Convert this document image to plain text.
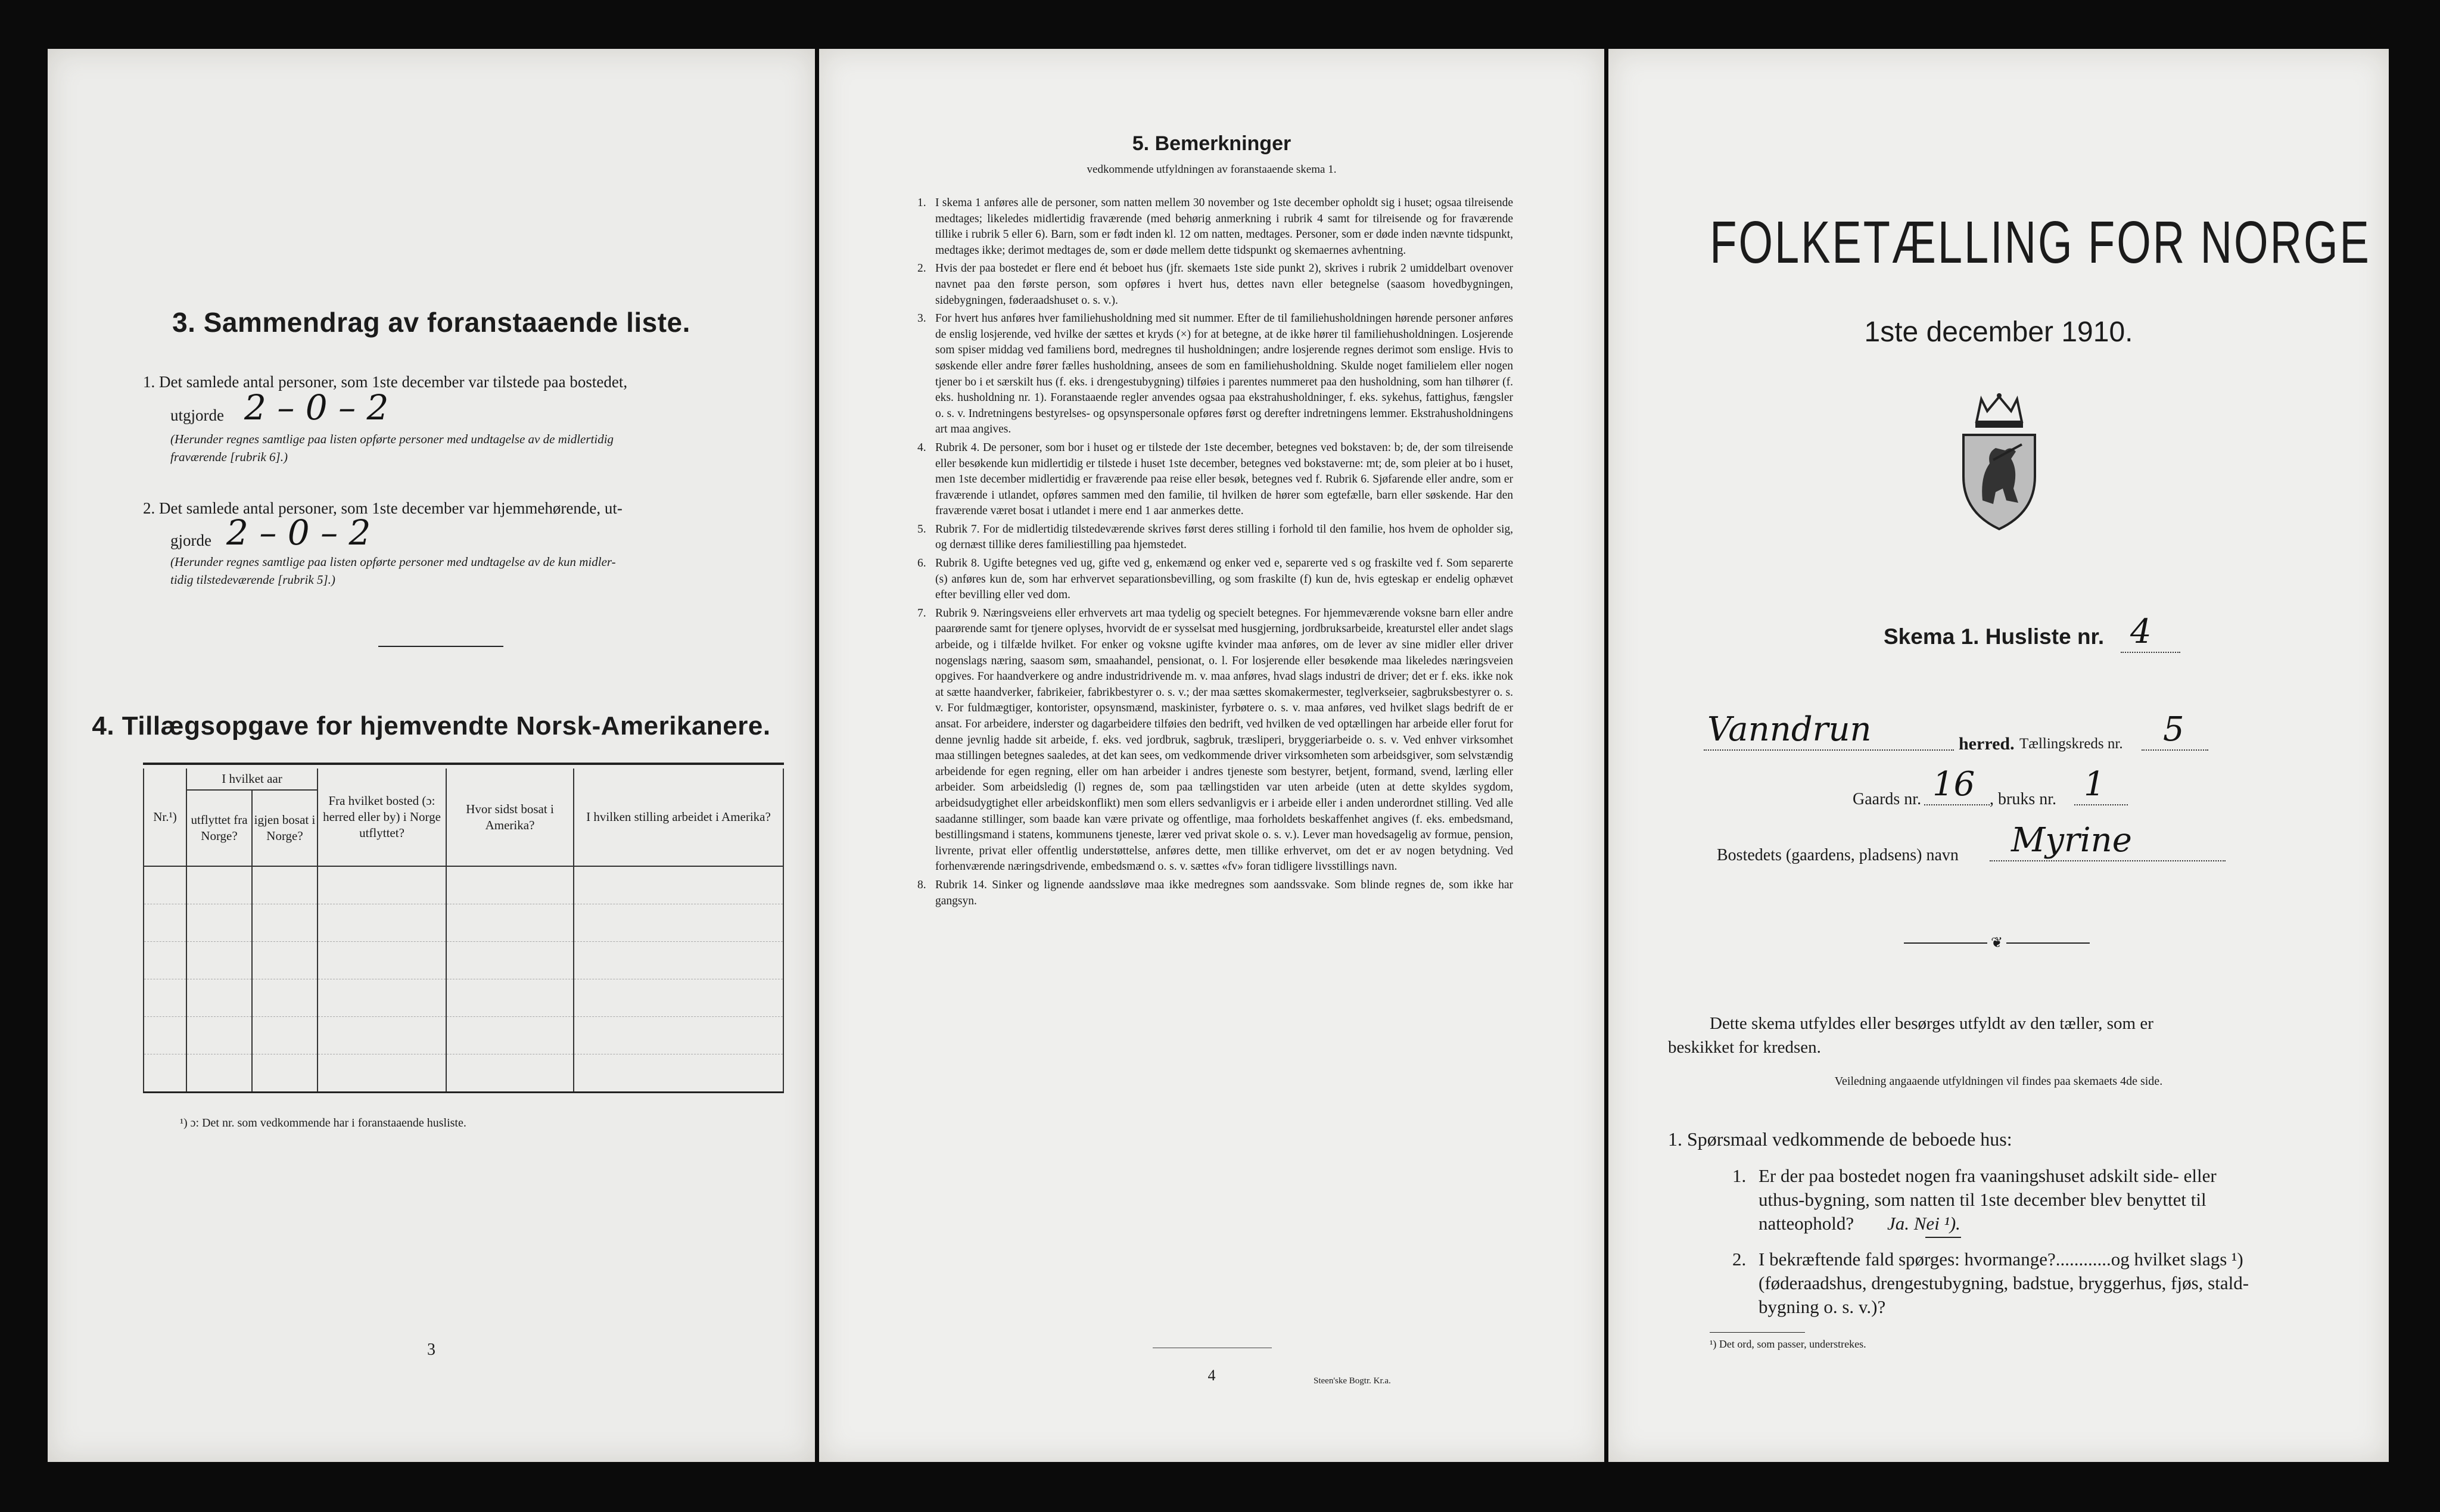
3. Sammendrag av foranstaaende liste.
1. Det samlede antal personer, som 1ste december var tilstede paa bostedet,
utgjorde 2 – 0 – 2
(Herunder regnes samtlige paa listen opførte personer med undtagelse av de midlertidig
fraværende [rubrik 6].)
2. Det samlede antal personer, som 1ste december var hjemmehørende, ut-
gjorde 2 – 0 – 2
(Herunder regnes samtlige paa listen opførte personer med undtagelse av de kun midler-
tidig tilstedeværende [rubrik 5].)
4. Tillægsopgave for hjemvendte Norsk-Amerikanere.
Nr.¹)	I hvilket aar		Fra hvilket bosted (ɔ: herred eller by) i Norge utflyttet?	Hvor sidst bosat i Amerika?	I hvilken stilling arbeidet i Amerika?
	utflyttet fra Norge?	igjen bosat i Norge?			

¹) ɔ: Det nr. som vedkommende har i foranstaaende husliste.
3
5. Bemerkninger
vedkommende utfyldningen av foranstaaende skema 1.
1. I skema 1 anføres alle de personer, som natten mellem 30 november og 1ste december opholdt sig i huset; ogsaa tilreisende medtages; likeledes midlertidig fraværende (med behørig anmerkning i rubrik 4 samt for tilreisende og for fraværende tillike i rubrik 5 eller 6). Barn, som er født inden kl. 12 om natten, medtages. Personer, som er døde inden nævnte tidspunkt, medtages ikke; derimot medtages de, som er døde mellem dette tidspunkt og skemaernes avhentning.

2. Hvis der paa bostedet er flere end ét beboet hus (jfr. skemaets 1ste side punkt 2), skrives i rubrik 2 umiddelbart ovenover navnet paa den første person, som opføres i hvert hus, dettes navn eller betegnelse (saasom hovedbygningen, sidebygningen, føderaadshuset o. s. v.).

3. For hvert hus anføres hver familiehusholdning med sit nummer. Efter de til familiehusholdningen hørende personer anføres de enslig losjerende, ved hvilke der sættes et kryds (×) for at betegne, at de ikke hører til familiehusholdningen. Losjerende som spiser middag ved familiens bord, medregnes til husholdningen; andre losjerende regnes derimot som enslige. Hvis to søskende eller andre fører fælles husholdning, ansees de som en familiehusholdning. Skulde noget familielem eller nogen tjener bo i et særskilt hus (f. eks. i drengestubygning) tilføies i parentes nummeret paa den husholdning, som han tilhører (f. eks. husholdning nr. 1). Foranstaaende regler anvendes ogsaa paa ekstrahusholdninger, f. eks. sykehus, fattighus, fængsler o. s. v. Indretningens bestyrelses- og opsynspersonale opføres først og derefter indretningens lemmer. Ekstrahusholdningens art maa angives.

4. Rubrik 4. De personer, som bor i huset og er tilstede der 1ste december, betegnes ved bokstaven: b; de, der som tilreisende eller besøkende kun midlertidig er tilstede i huset 1ste december, betegnes ved bokstaverne: mt; de, som pleier at bo i huset, men 1ste december midlertidig er fraværende paa reise eller besøk, betegnes ved f. Rubrik 6. Sjøfarende eller andre, som er fraværende i utlandet, opføres sammen med den familie, til hvilken de hører som egtefælle, barn eller søskende. Har den fraværende været bosat i utlandet i mere end 1 aar anmerkes dette.

5. Rubrik 7. For de midlertidig tilstedeværende skrives først deres stilling i forhold til den familie, hos hvem de opholder sig, og dernæst tillike deres familiestilling paa hjemstedet.

6. Rubrik 8. Ugifte betegnes ved ug, gifte ved g, enkemænd og enker ved e, separerte ved s og fraskilte ved f. Som separerte (s) anføres kun de, som har erhvervet separationsbevilling, og som fraskilte (f) kun de, hvis egteskap er endelig ophævet efter bevilling eller ved dom.

7. Rubrik 9. Næringsveiens eller erhvervets art maa tydelig og specielt betegnes. For hjemmeværende voksne barn eller andre paarørende samt for tjenere oplyses, hvorvidt de er sysselsat med husgjerning, jordbruksarbeide, kreaturstel eller andet slags arbeide, og i tilfælde hvilket. For enker og voksne ugifte kvinder maa anføres, om de lever av sine midler eller driver nogenslags næring, saasom søm, smaahandel, pensionat, o. l. For losjerende eller besøkende maa likeledes næringsveien opgives. For haandverkere og andre industridrivende m. v. maa anføres, hvad slags industri de driver; det er f. eks. ikke nok at sætte haandverker, fabrikeier, fabrikbestyrer o. s. v.; der maa sættes skomakermester, teglverkseier, sagbruksbestyrer o. s. v. For fuldmægtiger, kontorister, opsynsmænd, maskinister, fyrbøtere o. s. v. maa anføres, ved hvilket slags bedrift de er ansat. For arbeidere, inderster og dagarbeidere tilføies den bedrift, ved hvilken de ved optællingen har arbeide eller forut for denne jevnlig hadde sit arbeide, f. eks. ved jordbruk, sagbruk, træsliperi, bryggeriarbeide o. s. v. Ved enhver virksomhet maa stillingen betegnes saaledes, at det kan sees, om vedkommende driver virksomheten som arbeidsgiver, som selvstændig arbeidende for egen regning, eller om han arbeider i andres tjeneste som bestyrer, betjent, formand, svend, lærling eller arbeider. Som arbeidsledig (l) regnes de, som paa tællingstiden var uten arbeide (uten at dette skyldes sygdom, arbeidsudygtighet eller arbeidskonflikt) men som ellers sedvanligvis er i arbeide eller i anden underordnet stilling. Ved alle saadanne stillinger, som baade kan være private og offentlige, maa forholdets beskaffenhet angives (f. eks. embedsmand, bestillingsmand i statens, kommunens tjeneste, lærer ved privat skole o. s. v.). Lever man hovedsagelig av formue, pension, livrente, privat eller offentlig understøttelse, anføres dette, men tillike erhvervet, om det er av nogen betydning. Ved forhenværende næringsdrivende, embedsmænd o. s. v. sættes «fv» foran tidligere livsstillings navn.

8. Rubrik 14. Sinker og lignende aandssløve maa ikke medregnes som aandssvake. Som blinde regnes de, som ikke har gangsyn.

4	Steen'ske Bogtr. Kr.a.
FOLKETÆLLING FOR NORGE
1ste december 1910.
Skema 1. Husliste nr. 4
Vanndrun	herred. Tællingskreds nr. 5
Gaards nr. 16 , bruks nr. 1
Bostedets (gaardens, pladsens) navn Myrine
❦
Dette skema utfyldes eller besørges utfyldt av den tæller, som er
beskikket for kredsen.
Veiledning angaaende utfyldningen vil findes paa skemaets 4de side.
1. Spørsmaal vedkommende de beboede hus:
1. Er der paa bostedet nogen fra vaaningshuset adskilt side- eller
uthus-bygning, som natten til 1ste december blev benyttet til
natteophold? Ja. Nei ¹).
2. I bekræftende fald spørges: hvormange?............og hvilket slags ¹)
(føderaadshus, drengestubygning, badstue, bryggerhus, fjøs, stald-
bygning o. s. v.)?
¹) Det ord, som passer, understrekes.
